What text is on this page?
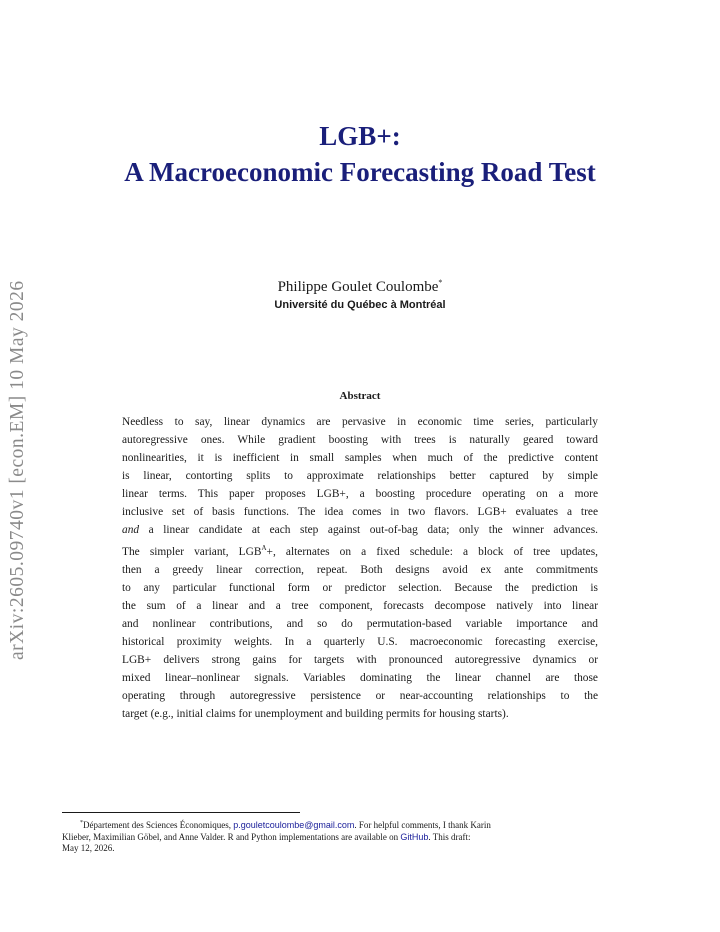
arXiv:2605.09740v1 [econ.EM] 10 May 2026
LGB+:
A Macroeconomic Forecasting Road Test
Philippe Goulet Coulombe*
Université du Québec à Montréal
Abstract
Needless to say, linear dynamics are pervasive in economic time series, particularly
autoregressive ones. While gradient boosting with trees is naturally geared toward
nonlinearities, it is inefficient in small samples when much of the predictive content
is linear, contorting splits to approximate relationships better captured by simple
linear terms. This paper proposes LGB+, a boosting procedure operating on a more
inclusive set of basis functions. The idea comes in two flavors. LGB+ evaluates a tree
and a linear candidate at each step against out-of-bag data; only the winner advances.
The simpler variant, $LGB^A+$, alternates on a fixed schedule: a block of tree updates,
then a greedy linear correction, repeat. Both designs avoid ex ante commitments
to any particular functional form or predictor selection. Because the prediction is
the sum of a linear and a tree component, forecasts decompose natively into linear
and nonlinear contributions, and so do permutation-based variable importance and
historical proximity weights. In a quarterly U.S. macroeconomic forecasting exercise,
LGB+ delivers strong gains for targets with pronounced autoregressive dynamics or
mixed linear–nonlinear signals. Variables dominating the linear channel are those
operating through autoregressive persistence or near-accounting relationships to the
target (e.g., initial claims for unemployment and building permits for housing starts).
*Département des Sciences Économiques, p.gouletcoulombe@gmail.com. For helpful comments, I thank Karin
Klieber, Maximilian Göbel, and Anne Valder. R and Python implementations are available on GitHub. This draft:
May 12, 2026.
